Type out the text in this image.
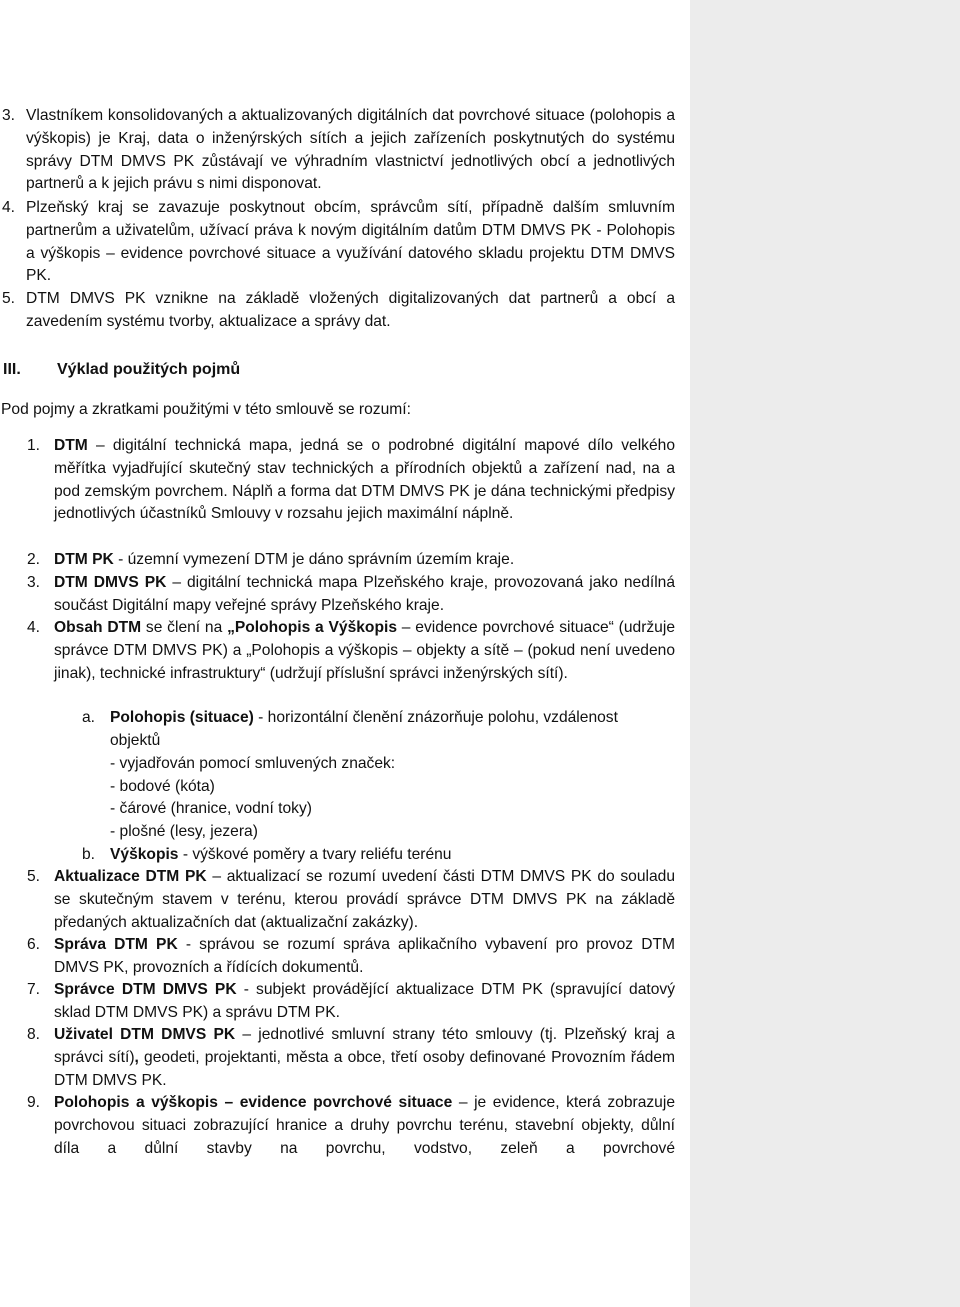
3. Vlastníkem konsolidovaných a aktualizovaných digitálních dat povrchové situace (polohopis a výškopis) je Kraj, data o inženýrských sítích a jejich zařízeních poskytnutých do systému správy DTM DMVS PK zůstávají ve výhradním vlastnictví jednotlivých obcí a jednotlivých partnerů a k jejich právu s nimi disponovat.
4. Plzeňský kraj se zavazuje poskytnout obcím, správcům sítí, případně dalším smluvním partnerům a uživatelům, užívací práva k novým digitálním datům DTM DMVS PK - Polohopis a výškopis – evidence povrchové situace a využívání datového skladu projektu DTM DMVS PK.
5. DTM DMVS PK vznikne na základě vložených digitalizovaných dat partnerů a obcí a zavedením systému tvorby, aktualizace a správy dat.
III. Výklad použitých pojmů
Pod pojmy a zkratkami použitými v této smlouvě se rozumí:
1. DTM – digitální technická mapa, jedná se o podrobné digitální mapové dílo velkého měřítka vyjadřující skutečný stav technických a přírodních objektů a zařízení nad, na a pod zemským povrchem. Náplň a forma dat DTM DMVS PK je dána technickými předpisy jednotlivých účastníků Smlouvy v rozsahu jejich maximální náplně.
2. DTM PK - územní vymezení DTM je dáno správním územím kraje.
3. DTM DMVS PK – digitální technická mapa Plzeňského kraje, provozovaná jako nedílná součást Digitální mapy veřejné správy Plzeňského kraje.
4. Obsah DTM se člení na „Polohopis a Výškopis – evidence povrchové situace“ (udržuje správce DTM DMVS PK) a „Polohopis a výškopis – objekty a sítě – (pokud není uvedeno jinak), technické infrastruktury“ (udržují příslušní správci inženýrských sítí).
a. Polohopis (situace) - horizontální členění znázorňuje polohu, vzdálenost objektů
- vyjadřován pomocí smluvených značek:
- bodové (kóta)
- čárové (hranice, vodní toky)
- plošné (lesy, jezera)
b. Výškopis - výškové poměry a tvary reliéfu terénu
5. Aktualizace DTM PK – aktualizací se rozumí uvedení části DTM DMVS PK do souladu se skutečným stavem v terénu, kterou provádí správce DTM DMVS PK na základě předaných aktualizačních dat (aktualizační zakázky).
6. Správa DTM PK - správou se rozumí správa aplikačního vybavení pro provoz DTM DMVS PK, provozních a řídících dokumentů.
7. Správce DTM DMVS PK - subjekt provádějící aktualizace DTM PK (spravující datový sklad DTM DMVS PK) a správu DTM PK.
8. Uživatel DTM DMVS PK – jednotlivé smluvní strany této smlouvy (tj. Plzeňský kraj a správci sítí), geodeti, projektanti, města a obce, třetí osoby definované Provozním řádem DTM DMVS PK.
9. Polohopis a výškopis – evidence povrchové situace – je evidence, která zobrazuje povrchovou situaci zobrazující hranice a druhy povrchu terénu, stavební objekty, důlní díla a důlní stavby na povrchu, vodstvo, zeleň a povrchové
